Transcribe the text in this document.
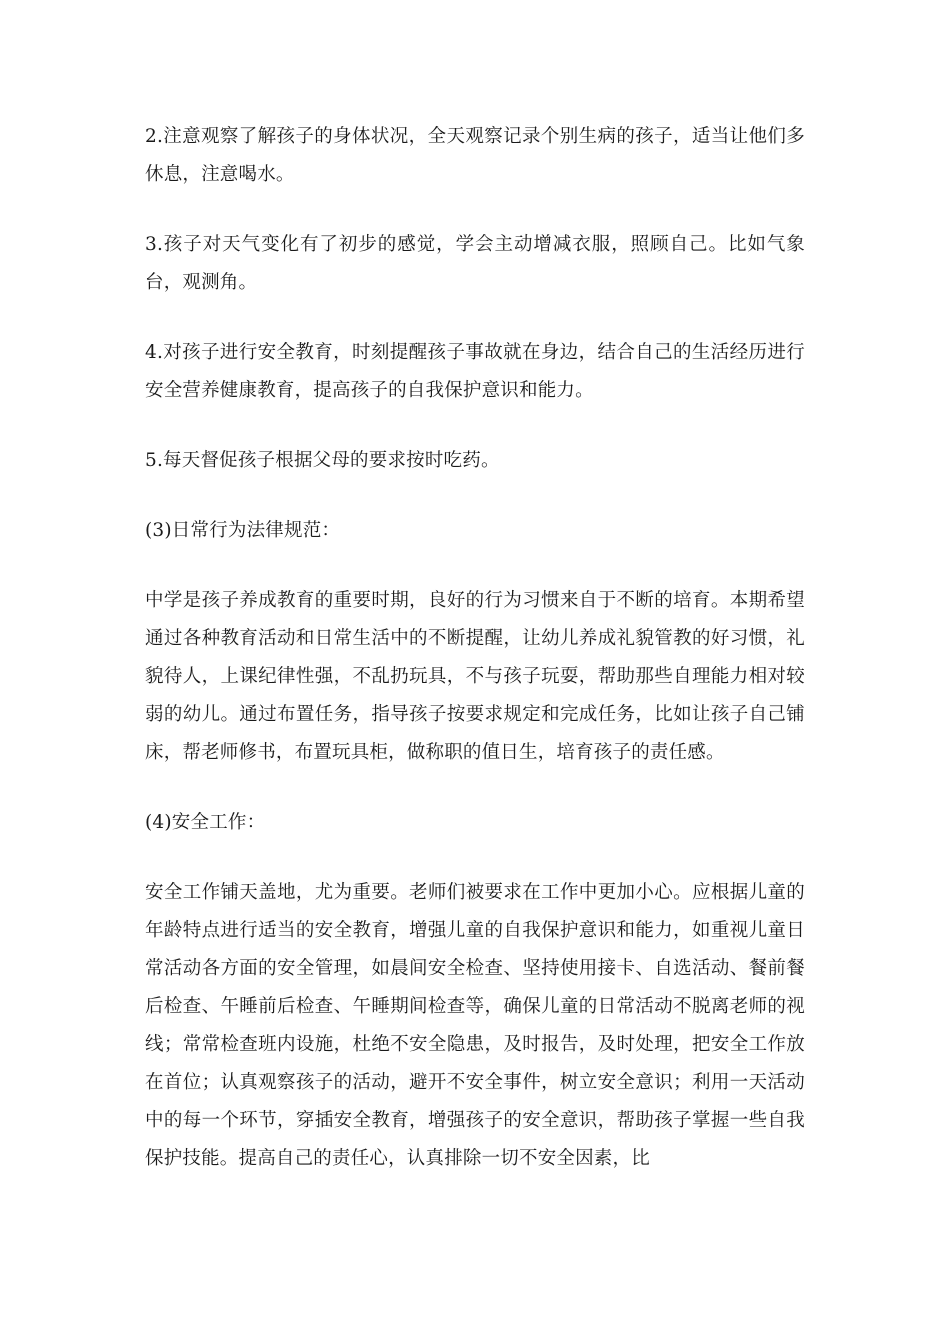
2.注意观察了解孩子的身体状况，全天观察记录个别生病的孩子，适当让他们多休息，注意喝水。

3.孩子对天气变化有了初步的感觉，学会主动增减衣服，照顾自己。比如气象台，观测角。

4.对孩子进行安全教育，时刻提醒孩子事故就在身边，结合自己的生活经历进行安全营养健康教育，提高孩子的自我保护意识和能力。

5.每天督促孩子根据父母的要求按时吃药。

(3)日常行为法律规范：

中学是孩子养成教育的重要时期，良好的行为习惯来自于不断的培育。本期希望通过各种教育活动和日常生活中的不断提醒，让幼儿养成礼貌管教的好习惯，礼貌待人，上课纪律性强，不乱扔玩具，不与孩子玩耍，帮助那些自理能力相对较弱的幼儿。通过布置任务，指导孩子按要求规定和完成任务，比如让孩子自己铺床，帮老师修书，布置玩具柜，做称职的值日生，培育孩子的责任感。

(4)安全工作：

安全工作铺天盖地，尤为重要。老师们被要求在工作中更加小心。应根据儿童的年龄特点进行适当的安全教育，增强儿童的自我保护意识和能力，如重视儿童日常活动各方面的安全管理，如晨间安全检查、坚持使用接卡、自选活动、餐前餐后检查、午睡前后检查、午睡期间检查等，确保儿童的日常活动不脱离老师的视线；常常检查班内设施，杜绝不安全隐患，及时报告，及时处理，把安全工作放在首位；认真观察孩子的活动，避开不安全事件，树立安全意识；利用一天活动中的每一个环节，穿插安全教育，增强孩子的安全意识，帮助孩子掌握一些自我保护技能。提高自己的责任心，认真排除一切不安全因素，比
